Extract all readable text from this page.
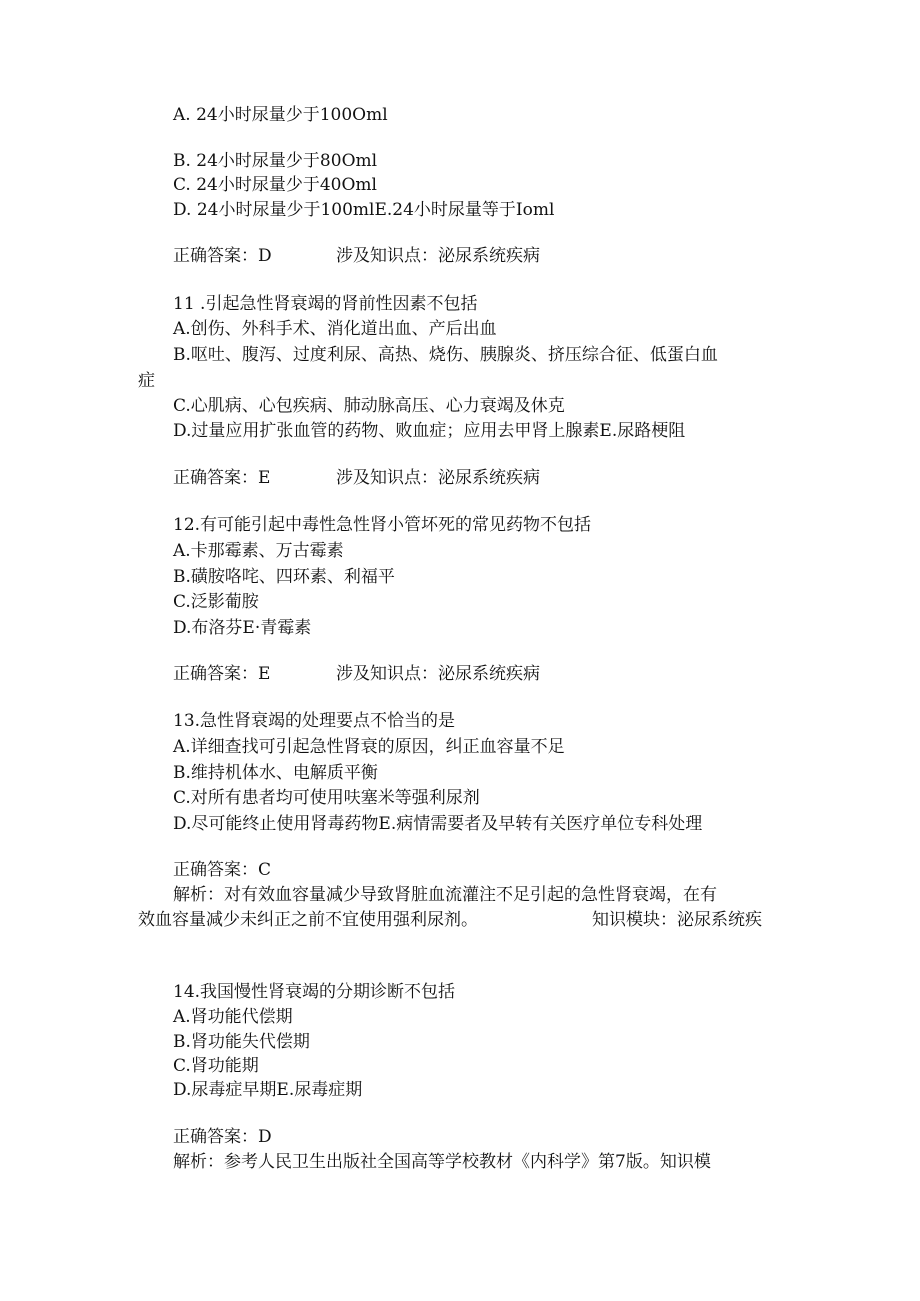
A. 24小时尿量少于100Oml

B. 24小时尿量少于80Oml

C. 24小时尿量少于40Oml

D. 24小时尿量少于100mlE.24小时尿量等于Ioml

正确答案：D	涉及知识点：泌尿系统疾病

11 .引起急性肾衰竭的肾前性因素不包括

A.创伤、外科手术、消化道出血、产后出血

B.呕吐、腹泻、过度利尿、高热、烧伤、胰腺炎、挤压综合征、低蛋白血

症

C.心肌病、心包疾病、肺动脉高压、心力衰竭及休克

D.过量应用扩张血管的药物、败血症；应用去甲肾上腺素E.尿路梗阻

正确答案：E	涉及知识点：泌尿系统疾病

12.有可能引起中毒性急性肾小管坏死的常见药物不包括

A.卡那霉素、万古霉素

B.磺胺咯咤、四环素、利福平

C.泛影葡胺

D.布洛芬E·青霉素

正确答案：E	涉及知识点：泌尿系统疾病

13.急性肾衰竭的处理要点不恰当的是

A.详细查找可引起急性肾衰的原因，纠正血容量不足

B.维持机体水、电解质平衡

C.对所有患者均可使用呋塞米等强利尿剂

D.尽可能终止使用肾毒药物E.病情需要者及早转有关医疗单位专科处理

正确答案：C

解析：对有效血容量减少导致肾脏血流灌注不足引起的急性肾衰竭，在有

效血容量减少未纠正之前不宜使用强利尿剂。	知识模块：泌尿系统疾

14.我国慢性肾衰竭的分期诊断不包括

A.肾功能代偿期

B.肾功能失代偿期

C.肾功能期

D.尿毒症早期E.尿毒症期

正确答案：D

解析：参考人民卫生出版社全国高等学校教材《内科学》第7版。知识模
